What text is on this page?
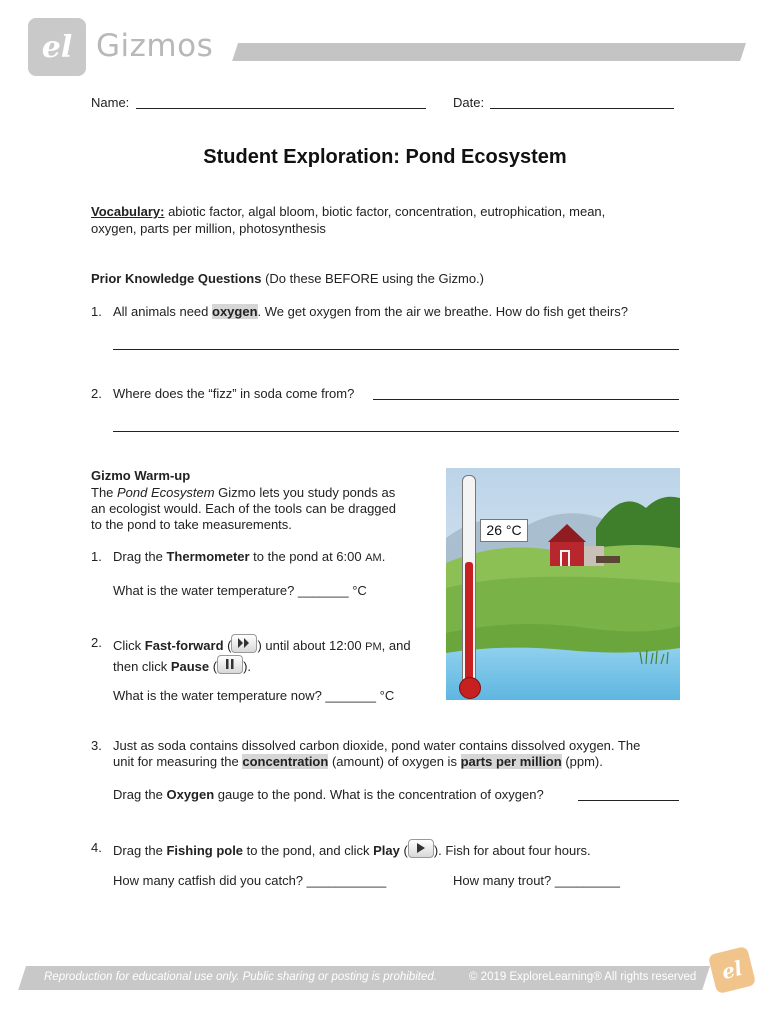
el Gizmos
Name:	Date:
Student Exploration: Pond Ecosystem
Vocabulary: abiotic factor, algal bloom, biotic factor, concentration, eutrophication, mean,
oxygen, parts per million, photosynthesis
Prior Knowledge Questions (Do these BEFORE using the Gizmo.)
1. All animals need oxygen. We get oxygen from the air we breathe. How do fish get theirs?
2. Where does the “fizz” in soda come from?
Gizmo Warm-up
The Pond Ecosystem Gizmo lets you study ponds as
an ecologist would. Each of the tools can be dragged
to the pond to take measurements.
1. Drag the Thermometer to the pond at 6:00 AM.
What is the water temperature? _______ °C
2. Click Fast-forward ( ) until about 12:00 PM, and
then click Pause ( ).
What is the water temperature now? _______ °C
26 °C
3. Just as soda contains dissolved carbon dioxide, pond water contains dissolved oxygen. The
unit for measuring the concentration (amount) of oxygen is parts per million (ppm).
Drag the Oxygen gauge to the pond. What is the concentration of oxygen?
4. Drag the Fishing pole to the pond, and click Play ( ). Fish for about four hours.
How many catfish did you catch? ___________	How many trout? _________
Reproduction for educational use only. Public sharing or posting is prohibited.	© 2019 ExploreLearning® All rights reserved	el
